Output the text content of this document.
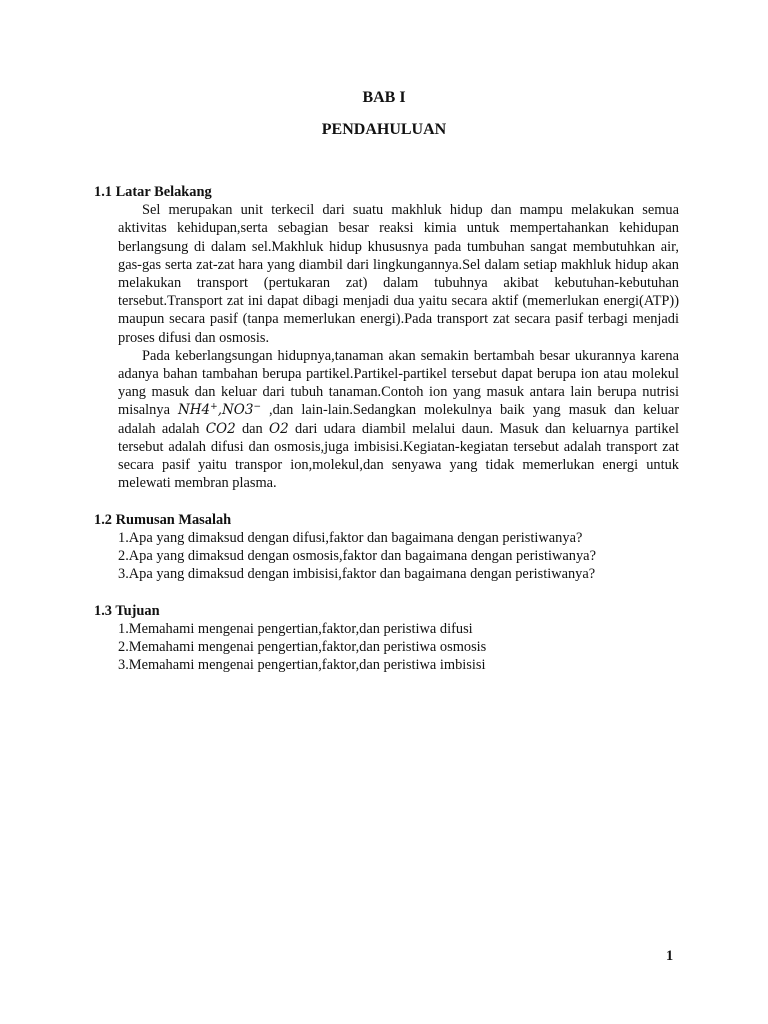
BAB I
PENDAHULUAN

1.1 Latar Belakang

Sel merupakan unit terkecil dari suatu makhluk hidup dan mampu melakukan semua aktivitas kehidupan,serta sebagian besar reaksi kimia untuk mempertahankan kehidupan berlangsung di dalam sel.Makhluk hidup khususnya pada tumbuhan sangat membutuhkan air, gas-gas serta zat-zat hara yang diambil dari lingkungannya.Sel dalam setiap makhluk hidup akan melakukan transport (pertukaran zat) dalam tubuhnya akibat kebutuhan-kebutuhan tersebut.Transport zat ini dapat dibagi menjadi dua yaitu secara aktif (memerlukan energi(ATP)) maupun secara pasif (tanpa memerlukan energi).Pada transport zat secara pasif terbagi menjadi proses difusi dan osmosis.

Pada keberlangsungan hidupnya,tanaman akan semakin bertambah besar ukurannya karena adanya bahan tambahan berupa partikel.Partikel-partikel tersebut dapat berupa ion atau molekul yang masuk dan keluar dari tubuh tanaman.Contoh ion yang masuk antara lain berupa nutrisi misalnya NH4+,NO3− ,dan lain-lain.Sedangkan molekulnya baik yang masuk dan keluar adalah adalah CO2 dan O2 dari udara diambil melalui daun. Masuk dan keluarnya partikel tersebut adalah difusi dan osmosis,juga imbisisi.Kegiatan-kegiatan tersebut adalah transport zat secara pasif yaitu transpor ion,molekul,dan senyawa yang tidak memerlukan energi untuk melewati membran plasma.

1.2 Rumusan Masalah

1.Apa yang dimaksud dengan difusi,faktor dan bagaimana dengan peristiwanya?
2.Apa yang dimaksud dengan osmosis,faktor dan bagaimana dengan peristiwanya?
3.Apa yang dimaksud dengan imbisisi,faktor dan bagaimana dengan peristiwanya?

1.3 Tujuan

1.Memahami mengenai pengertian,faktor,dan peristiwa difusi
2.Memahami mengenai pengertian,faktor,dan peristiwa osmosis
3.Memahami mengenai pengertian,faktor,dan peristiwa imbisisi
1
